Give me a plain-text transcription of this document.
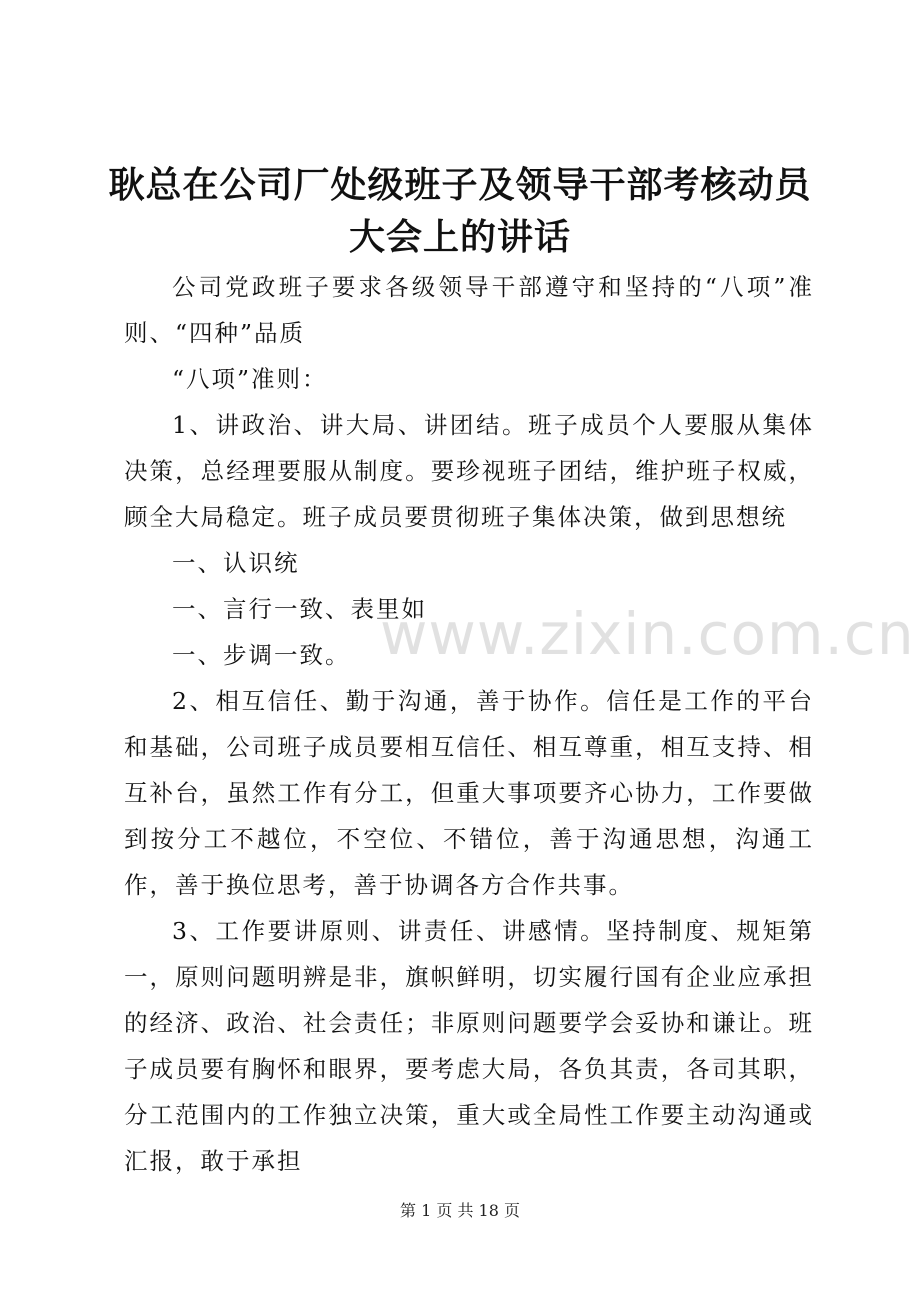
耿总在公司厂处级班子及领导干部考核动员大会上的讲话

公司党政班子要求各级领导干部遵守和坚持的“八项”准则、“四种”品质

“八项”准则：

1、讲政治、讲大局、讲团结。班子成员个人要服从集体决策，总经理要服从制度。要珍视班子团结，维护班子权威，顾全大局稳定。班子成员要贯彻班子集体决策，做到思想统

一、认识统

一、言行一致、表里如

一、步调一致。

2、相互信任、勤于沟通，善于协作。信任是工作的平台和基础，公司班子成员要相互信任、相互尊重，相互支持、相互补台，虽然工作有分工，但重大事项要齐心协力，工作要做到按分工不越位，不空位、不错位，善于沟通思想，沟通工作，善于换位思考，善于协调各方合作共事。

3、工作要讲原则、讲责任、讲感情。坚持制度、规矩第一，原则问题明辨是非，旗帜鲜明，切实履行国有企业应承担的经济、政治、社会责任；非原则问题要学会妥协和谦让。班子成员要有胸怀和眼界，要考虑大局，各负其责，各司其职，分工范围内的工作独立决策，重大或全局性工作要主动沟通或汇报，敢于承担

www.zixin.com.cn
第 1 页 共 18 页
